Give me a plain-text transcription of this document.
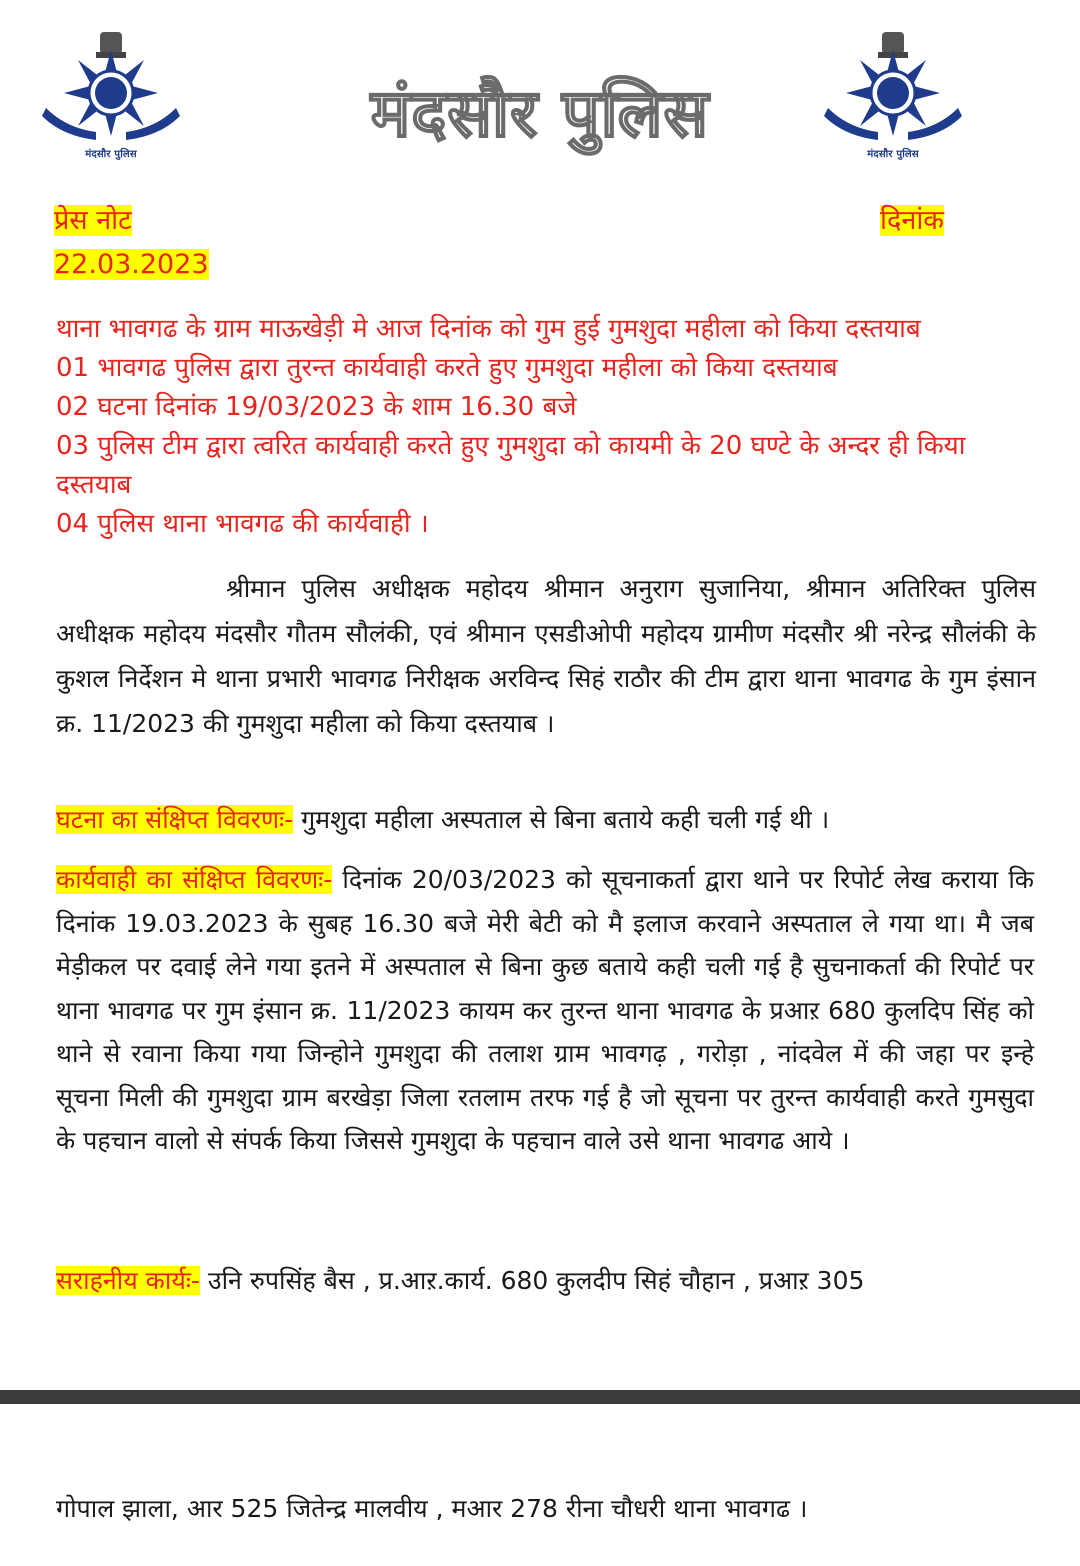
मंदसौर पुलिस
मंदसौर पुलिस
मंदसौर पुलिस
प्रेस नोट
22.03.2023
दिनांक

थाना भावगढ के ग्राम माऊखेड़ी मे आज दिनांक को गुम हुई गुमशुदा महीला को किया दस्तयाब

01 भावगढ पुलिस द्वारा तुरन्त कार्यवाही करते हुए गुमशुदा महीला को किया दस्तयाब

02 घटना दिनांक 19/03/2023 के शाम 16.30 बजे

03 पुलिस टीम द्वारा त्वरित कार्यवाही करते हुए गुमशुदा को कायमी के 20 घण्टे के अन्दर ही किया दस्तयाब

04 पुलिस थाना भावगढ की कार्यवाही ।

श्रीमान पुलिस अधीक्षक महोदय श्रीमान अनुराग सुजानिया, श्रीमान अतिरिक्त पुलिस अधीक्षक महोदय मंदसौर गौतम सौलंकी, एवं श्रीमान एसडीओपी महोदय ग्रामीण मंदसौर श्री नरेन्द्र सौलंकी के कुशल निर्देशन मे थाना प्रभारी भावगढ निरीक्षक अरविन्द सिहं राठौर की टीम द्वारा थाना भावगढ के गुम इंसान क्र. 11/2023 की गुमशुदा महीला को किया दस्तयाब ।
घटना का संक्षिप्त विवरणः- गुमशुदा महीला अस्पताल से बिना बताये कही चली गई थी ।
कार्यवाही का संक्षिप्त विवरणः- दिनांक 20/03/2023 को सूचनाकर्ता द्वारा थाने पर रिपोर्ट लेख कराया कि दिनांक 19.03.2023 के सुबह 16.30 बजे मेरी बेटी को मै इलाज करवाने अस्पताल ले गया था। मै जब मेड़ीकल पर दवाई लेने गया इतने में अस्पताल से बिना कुछ बताये कही चली गई है सुचनाकर्ता की रिपोर्ट पर थाना भावगढ पर गुम इंसान क्र. 11/2023 कायम कर तुरन्त थाना भावगढ के प्रआऱ 680 कुलदिप सिंह को थाने से रवाना किया गया जिन्होने गुमशुदा की तलाश ग्राम भावगढ़ , गरोड़ा , नांदवेल में की जहा पर इन्हे सूचना मिली की गुमशुदा ग्राम बरखेड़ा जिला रतलाम तरफ गई है जो सूचना पर तुरन्त कार्यवाही करते गुमसुदा के पहचान वालो से संपर्क किया जिससे गुमशुदा के पहचान वाले उसे थाना भावगढ आये ।
सराहनीय कार्यः- उनि रुपसिंह बैस , प्र.आऱ.कार्य. 680 कुलदीप सिहं चौहान , प्रआऱ 305
गोपाल झाला, आर 525 जितेन्द्र मालवीय , मआर 278 रीना चौधरी थाना भावगढ ।
